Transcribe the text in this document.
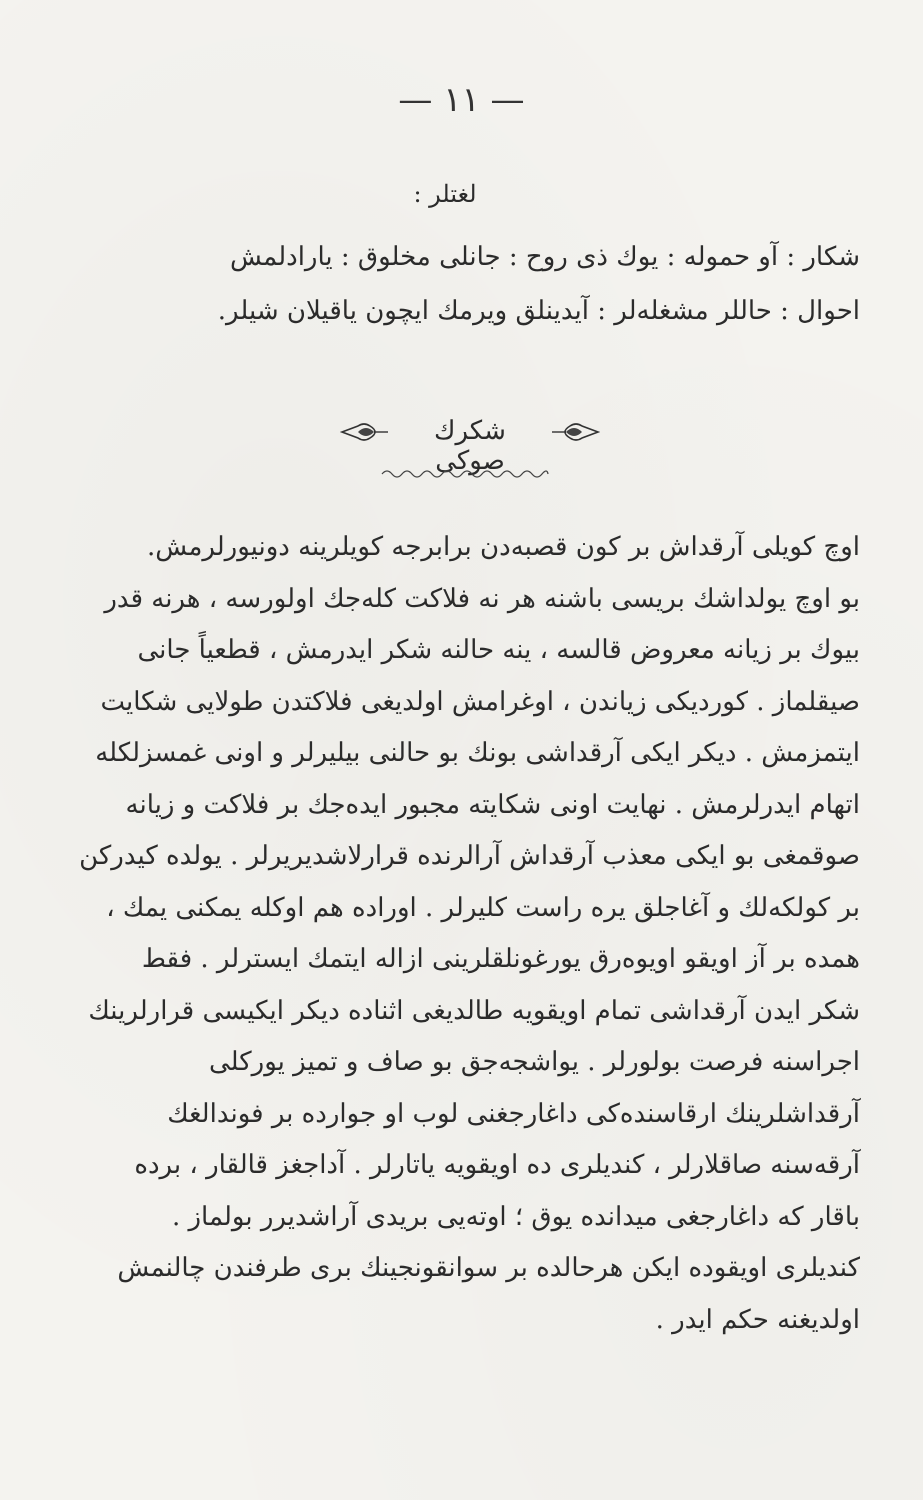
— ۱۱ —
لغتلر :
شکار : آو حموله : یوك ذی روح : جانلی مخلوق : یارادلمش
احوال : حاللر مشغله‌لر : آیدینلق ویرمك ایچون یاقیلان شیلر.
شکرك صوکی

اوچ کویلی آرقداش بر کون قصبه‌دن برابرجه کویلرینه دونیورلرمش.

بو اوچ یولداشك بریسی باشنه هر نه فلاکت کله‌جك اولورسه ، هرنه قدر

بیوك بر زیانه معروض قالسه ، ینه حالنه شکر ایدرمش ، قطعیاً جانی

صیقلماز . کوردیکی زیاندن ، اوغرامش اولدیغی فلاکتدن طولایی شکایت

ایتمزمش . دیکر ایکی آرقداشی بونك بو حالنی بیلیرلر و اونی غمسزلکله

اتهام ایدرلرمش . نهایت اونی شکایته مجبور ایده‌جك بر فلاکت و زیانه

صوقمغی بو ایکی معذب آرقداش آرالرنده قرارلاشدیریرلر . یولده کیدرکن

بر کولکه‌لك و آغاجلق یره راست کلیرلر . اوراده هم اوکله یمکنی یمك ،

همده بر آز اویقو اویوه‌رق یورغونلقلرینی ازاله ایتمك ایسترلر . فقط

شکر ایدن آرقداشی تمام اویقویه طالدیغی اثناده دیکر ایکیسی قرارلرینك

اجراسنه فرصت بولورلر . یواشجه‌جق بو صاف و تمیز یورکلی

آرقداشلرینك ارقاسنده‌کی داغارجغنی لوب او جوارده بر فوندالغك

آرقه‌سنه صاقلارلر ، کندیلری ده اویقویه یاتارلر . آداجغز قالقار ، برده

باقار که داغارجغی میدانده یوق ؛ اوته‌یی بریدی آراشدیرر بولماز .

کندیلری اویقوده ایکن هرحالده بر سوانقونجینك بری طرفندن چالنمش

اولدیغنه حکم ایدر .
